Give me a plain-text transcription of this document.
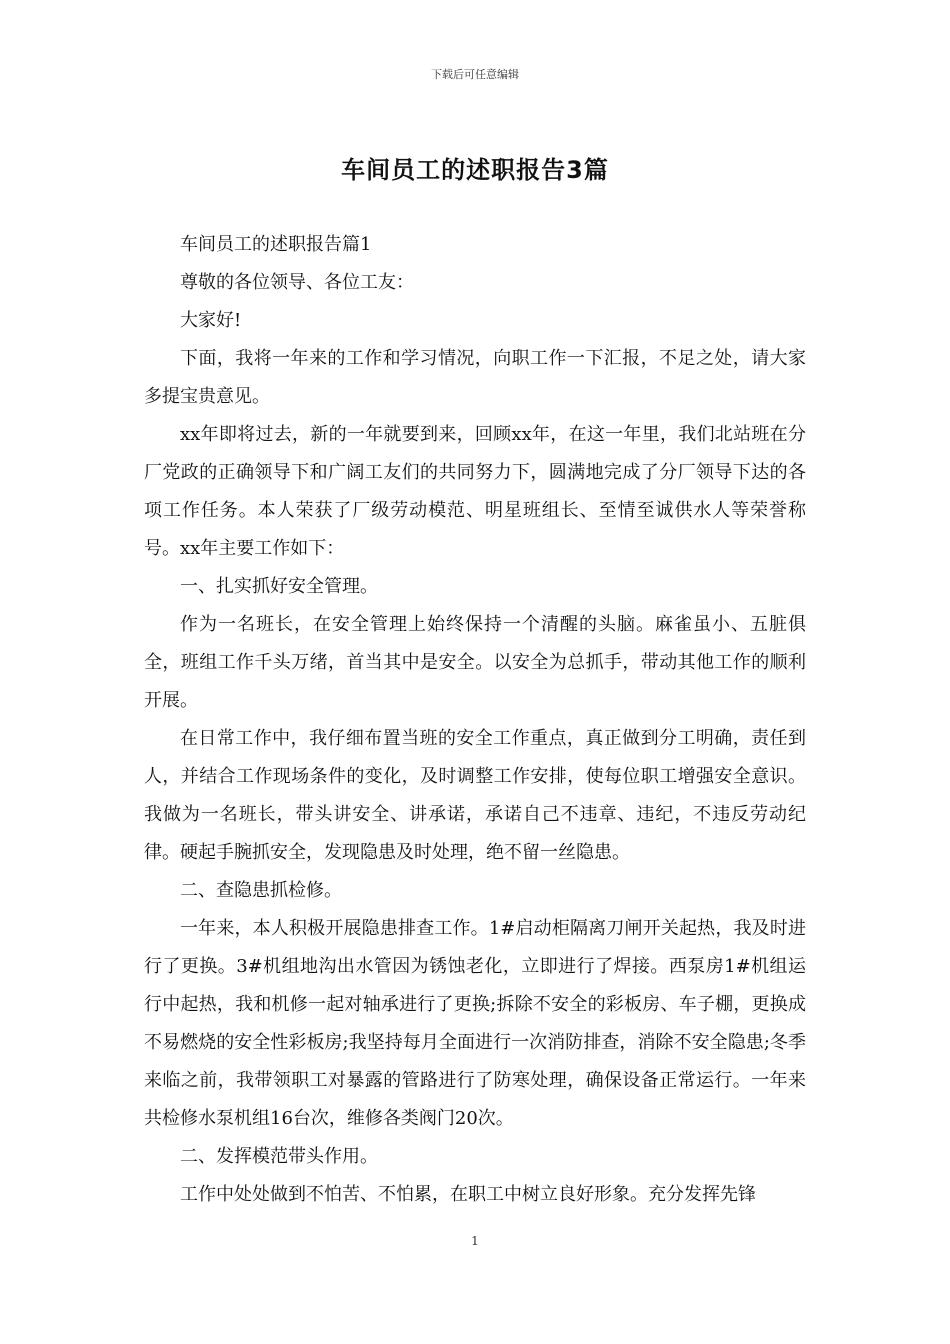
下载后可任意编辑
车间员工的述职报告3篇

车间员工的述职报告篇1

尊敬的各位领导、各位工友：

大家好!

下面，我将一年来的工作和学习情况，向职工作一下汇报，不足之处，请大家多提宝贵意见。

xx年即将过去，新的一年就要到来，回顾xx年，在这一年里，我们北站班在分厂党政的正确领导下和广阔工友们的共同努力下，圆满地完成了分厂领导下达的各项工作任务。本人荣获了厂级劳动模范、明星班组长、至情至诚供水人等荣誉称号。xx年主要工作如下：

一、扎实抓好安全管理。

作为一名班长，在安全管理上始终保持一个清醒的头脑。麻雀虽小、五脏俱全，班组工作千头万绪，首当其中是安全。以安全为总抓手，带动其他工作的顺利开展。

在日常工作中，我仔细布置当班的安全工作重点，真正做到分工明确，责任到人，并结合工作现场条件的变化，及时调整工作安排，使每位职工增强安全意识。我做为一名班长，带头讲安全、讲承诺，承诺自己不违章、违纪，不违反劳动纪律。硬起手腕抓安全，发现隐患及时处理，绝不留一丝隐患。

二、查隐患抓检修。

一年来，本人积极开展隐患排查工作。1#启动柜隔离刀闸开关起热，我及时进行了更换。3#机组地沟出水管因为锈蚀老化，立即进行了焊接。西泵房1#机组运行中起热，我和机修一起对轴承进行了更换;拆除不安全的彩板房、车子棚，更换成不易燃烧的安全性彩板房;我坚持每月全面进行一次消防排查，消除不安全隐患;冬季来临之前，我带领职工对暴露的管路进行了防寒处理，确保设备正常运行。一年来共检修水泵机组16台次，维修各类阀门20次。

二、发挥模范带头作用。

工作中处处做到不怕苦、不怕累，在职工中树立良好形象。充分发挥先锋

1
